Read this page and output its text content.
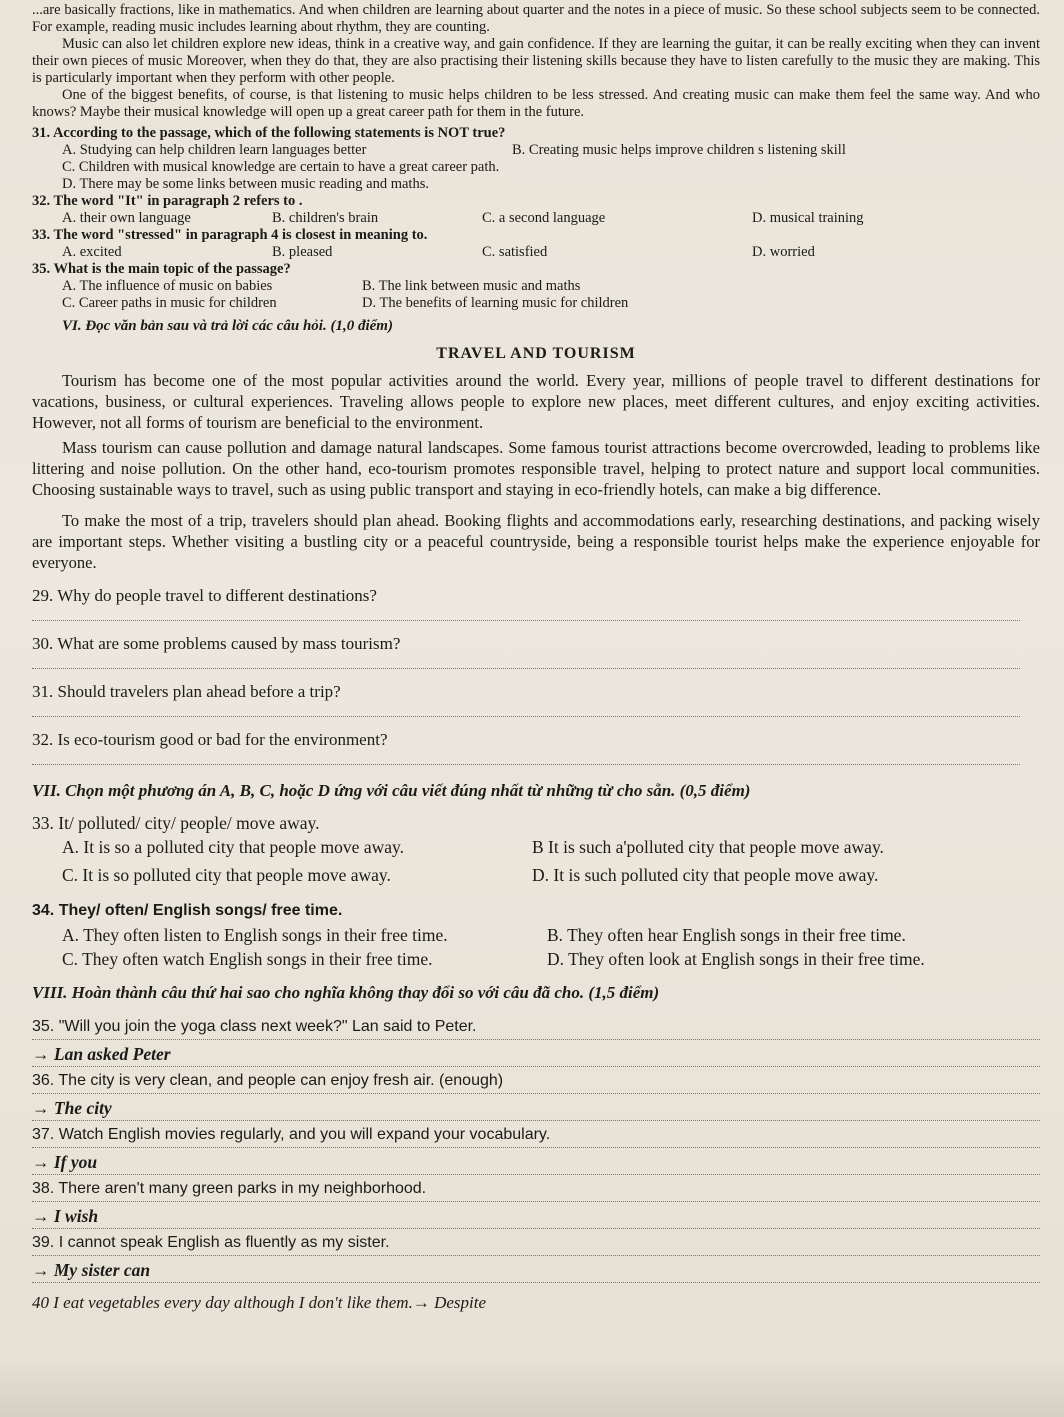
...are basically fractions, like in mathematics. And when children are learning about quarter and the notes in a piece of music. So these school subjects seem to be connected. For example, reading music includes learning about rhythm, they are counting.

Music can also let children explore new ideas, think in a creative way, and gain confidence. If they are learning the guitar, it can be really exciting when they can invent their own pieces of music Moreover, when they do that, they are also practising their listening skills because they have to listen carefully to the music they are making. This is particularly important when they perform with other people.

One of the biggest benefits, of course, is that listening to music helps children to be less stressed. And creating music can make them feel the same way. And who knows? Maybe their musical knowledge will open up a great career path for them in the future.

31. According to the passage, which of the following statements is NOT true?

A. Studying can help children learn languages better	B. Creating music helps improve children s listening skill

C. Children with musical knowledge are certain to have a great career path.

D. There may be some links between music reading and maths.

32. The word "It" in paragraph 2 refers to .

A. their own language	B. children's brain	C. a second language	D. musical training

33. The word "stressed" in paragraph 4 is closest in meaning to.

A. excited	B. pleased	C. satisfied	D. worried

35. What is the main topic of the passage?

A. The influence of music on babies	B. The link between music and maths

C. Career paths in music for children	D. The benefits of learning music for children

VI. Đọc văn bản sau và trả lời các câu hỏi. (1,0 điểm)

TRAVEL AND TOURISM

Tourism has become one of the most popular activities around the world. Every year, millions of people travel to different destinations for vacations, business, or cultural experiences. Traveling allows people to explore new places, meet different cultures, and enjoy exciting activities. However, not all forms of tourism are beneficial to the environment.

Mass tourism can cause pollution and damage natural landscapes. Some famous tourist attractions become overcrowded, leading to problems like littering and noise pollution. On the other hand, eco-tourism promotes responsible travel, helping to protect nature and support local communities. Choosing sustainable ways to travel, such as using public transport and staying in eco-friendly hotels, can make a big difference.

To make the most of a trip, travelers should plan ahead. Booking flights and accommodations early, researching destinations, and packing wisely are important steps. Whether visiting a bustling city or a peaceful countryside, being a responsible tourist helps make the experience enjoyable for everyone.

29. Why do people travel to different destinations?

30. What are some problems caused by mass tourism?

31. Should travelers plan ahead before a trip?

32. Is eco-tourism good or bad for the environment?

VII. Chọn một phương án A, B, C, hoặc D ứng với câu viết đúng nhất từ những từ cho sẵn. (0,5 điểm)

33. It/ polluted/ city/ people/ move away.

A. It is so a polluted city that people move away.	B It is such a'polluted city that people move away.

C. It is so polluted city that people move away.	D. It is such polluted city that people move away.

34. They/ often/ English songs/ free time.

A. They often listen to English songs in their free time.	B. They often hear English songs in their free time.

C. They often watch English songs in their free time.	D. They often look at English songs in their free time.

VIII. Hoàn thành câu thứ hai sao cho nghĩa không thay đổi so với câu đã cho. (1,5 điểm)

35. "Will you join the yoga class next week?" Lan said to Peter.

→ Lan asked Peter

36. The city is very clean, and people can enjoy fresh air. (enough)

→ The city

37. Watch English movies regularly, and you will expand your vocabulary.

→ If you

38. There aren't many green parks in my neighborhood.

→ I wish

39. I cannot speak English as fluently as my sister.

→ My sister can

40 I eat vegetables every day although I don't like them.→ Despite
